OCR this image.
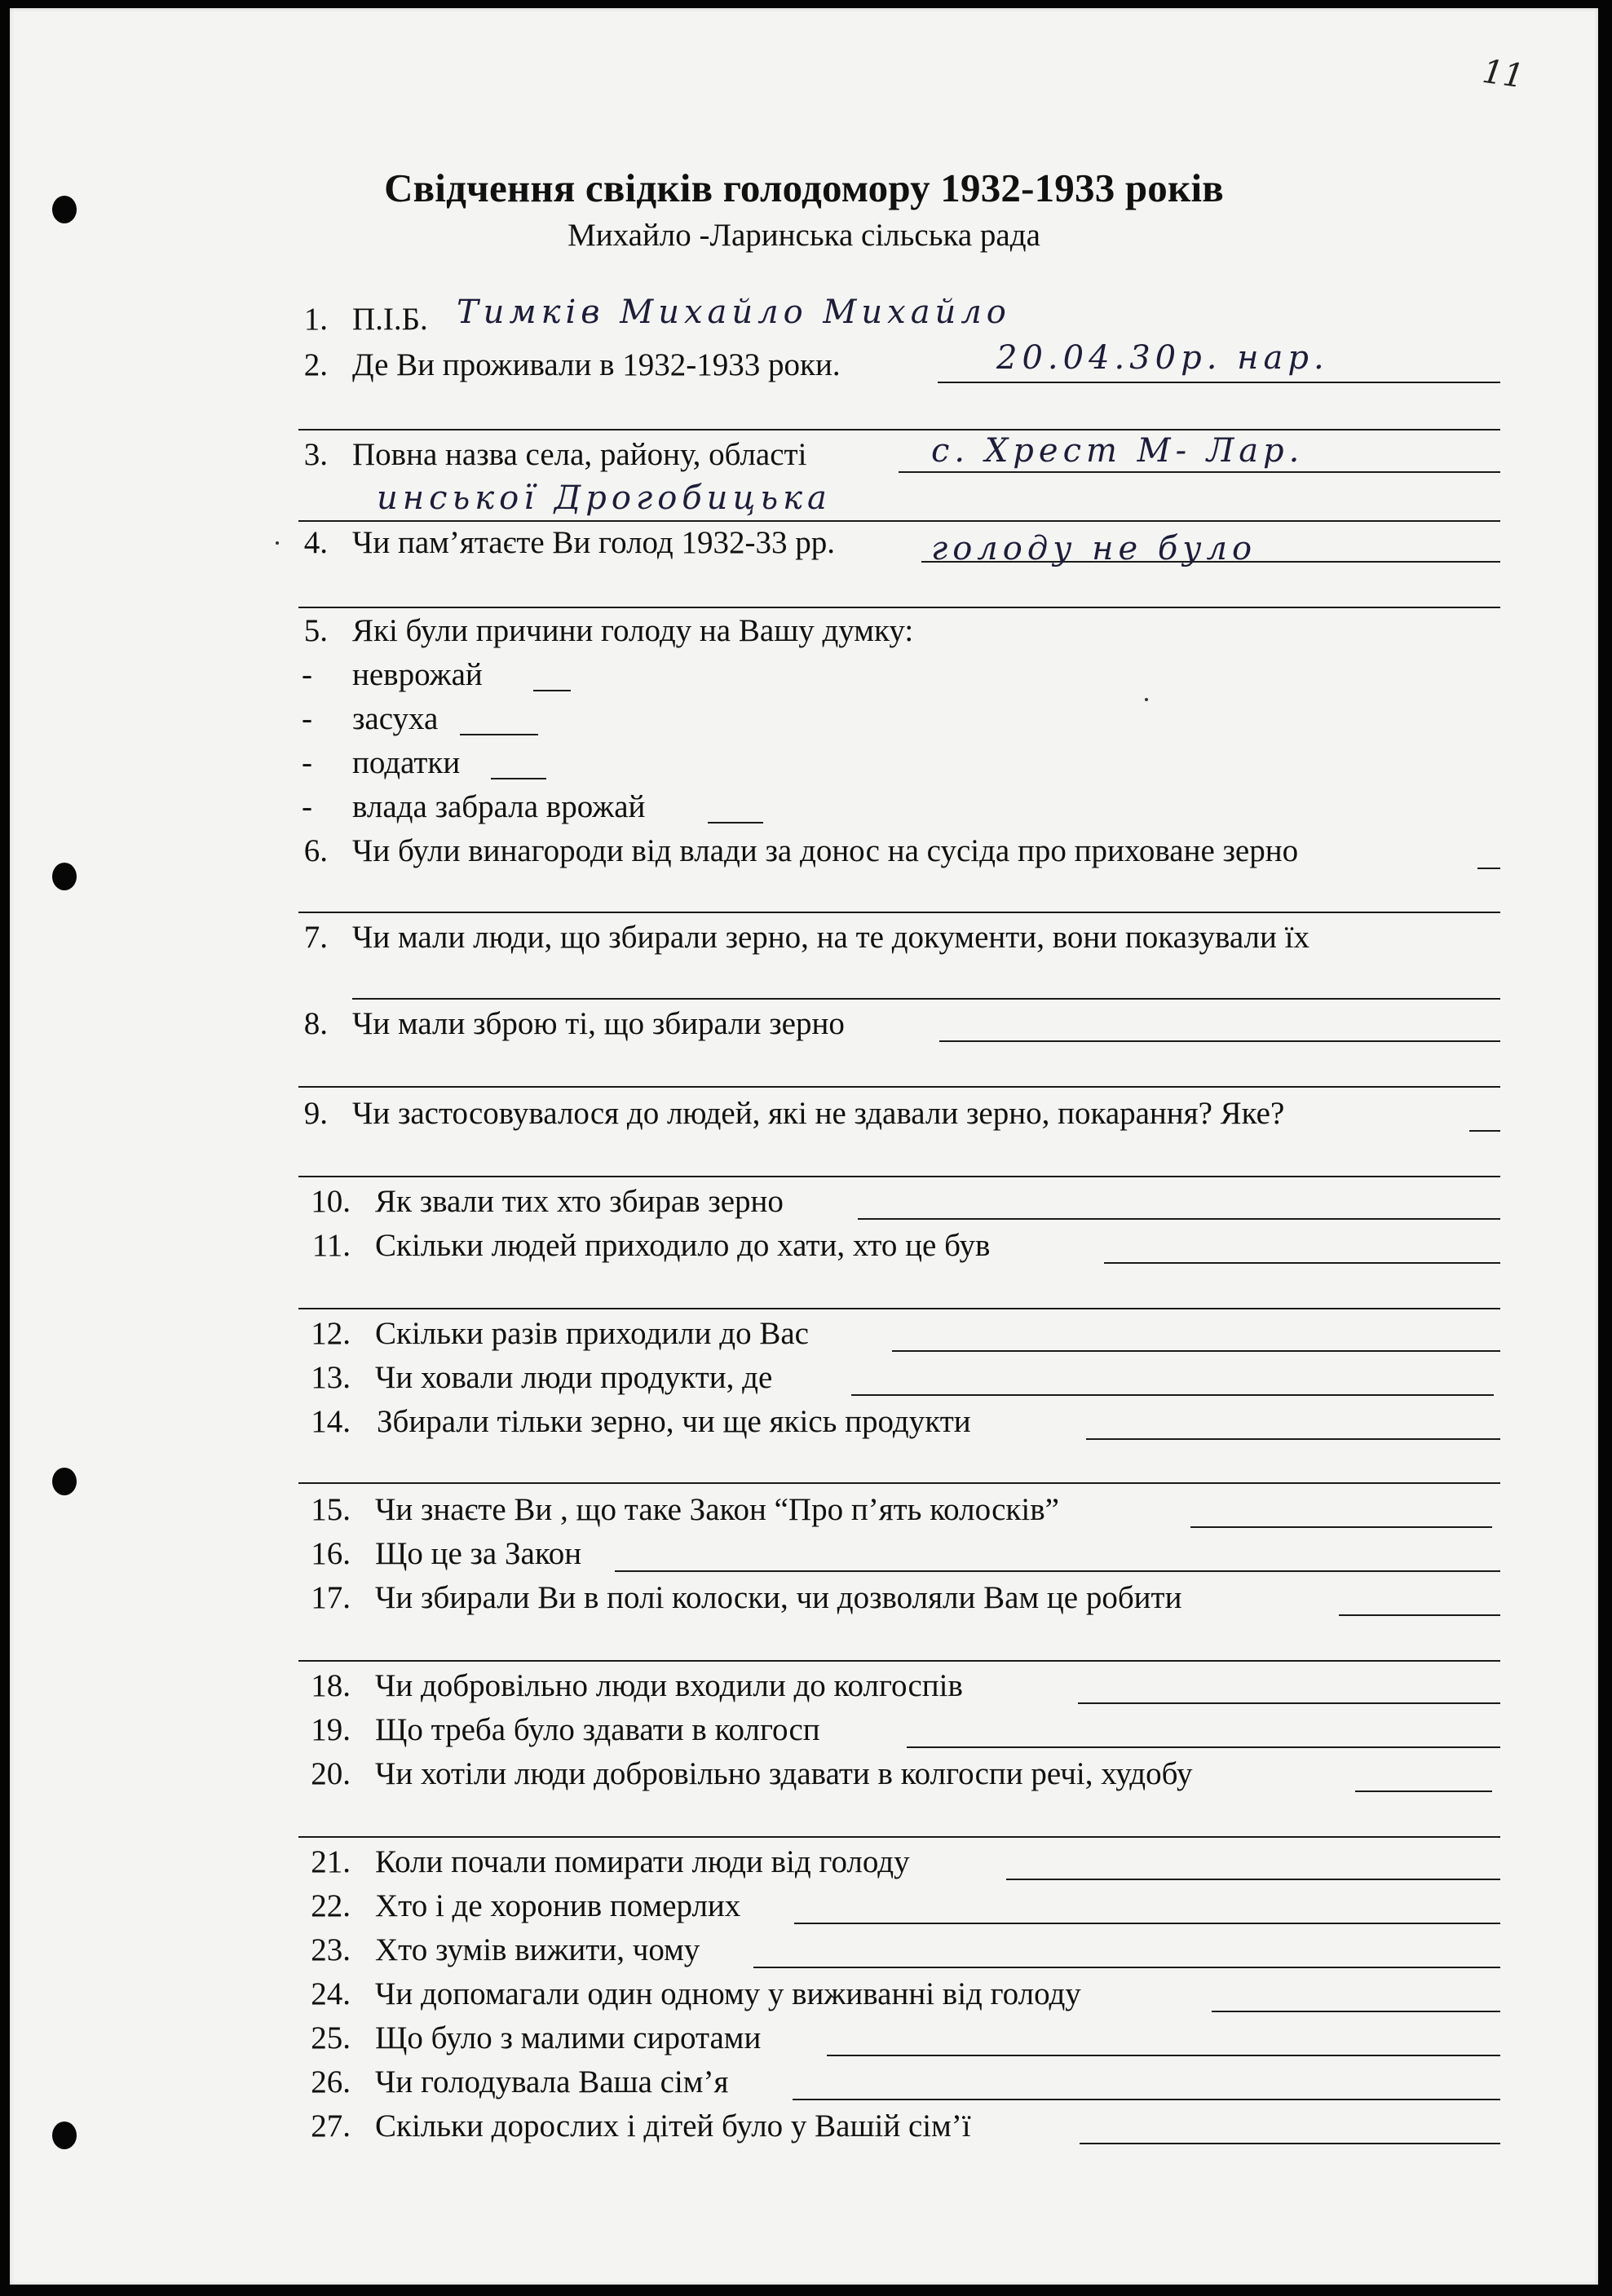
11
Свідчення свідків голодомору 1932-1933 років
Михайло -Ларинська сільська рада
1. П.І.Б. Тимків Михайло Михайло
2. Де Ви проживали в 1932-1933 роки.	20.04.30р. нар.
3. Повна назва села, району, області	с. Хрест М- Лар.
инської Дрогобицька
4. Чи пам’ятаєте Ви голод 1932-33 рр.	голоду не було
5. Які були причини голоду на Вашу думку:
- неврожай
- засуха
- податки
- влада забрала врожай
6. Чи були винагороди від влади за донос на сусіда про приховане зерно
7. Чи мали люди, що збирали зерно, на те документи, вони показували їх
8. Чи мали зброю ті, що збирали зерно
9. Чи застосовувалося до людей, які не здавали зерно, покарання? Яке?
10. Як звали тих хто збирав зерно
11. Скільки людей приходило до хати, хто це був
12. Скільки разів приходили до Вас
13. Чи ховали люди продукти, де
14. Збирали тільки зерно, чи ще якісь продукти
15. Чи знаєте Ви , що таке Закон “Про п’ять колосків”
16. Що це за Закон
17. Чи збирали Ви в полі колоски, чи дозволяли Вам це робити
18. Чи добровільно люди входили до колгоспів
19. Що треба було здавати в колгосп
20. Чи хотіли люди добровільно здавати в колгоспи речі, худобу
21. Коли почали помирати люди від голоду
22. Хто і де хоронив померлих
23. Хто зумів вижити, чому
24. Чи допомагали один одному у виживанні від голоду
25. Що було з малими сиротами
26. Чи голодувала Ваша сім’я
27. Скільки дорослих і дітей було у Вашій сім’ї
